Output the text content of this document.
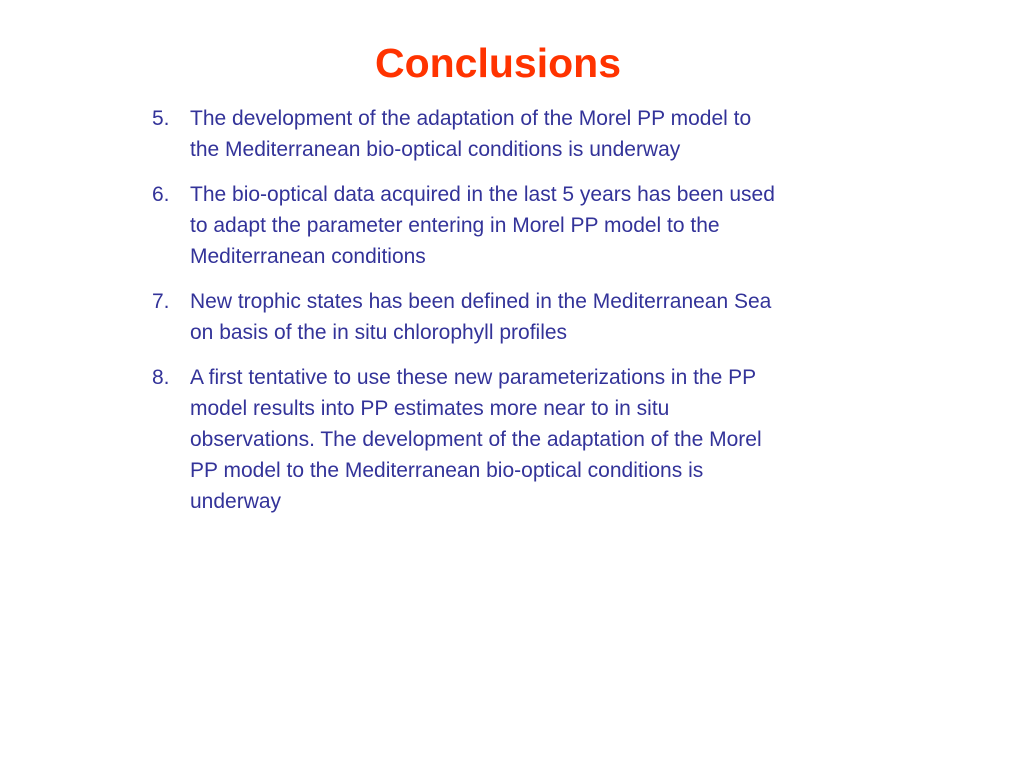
Conclusions
5. The development of the adaptation of the Morel PP model to
the Mediterranean bio-optical conditions is underway
6. The bio-optical data acquired in the last 5 years has been used
to adapt the parameter entering in Morel PP model to the
Mediterranean conditions
7. New trophic states has been defined in the Mediterranean Sea
on basis of the in situ chlorophyll profiles
8. A first tentative to use these new parameterizations in the PP
model results into PP estimates more near to in situ
observations. The development of the adaptation of the Morel
PP model to the Mediterranean bio-optical conditions is
underway
